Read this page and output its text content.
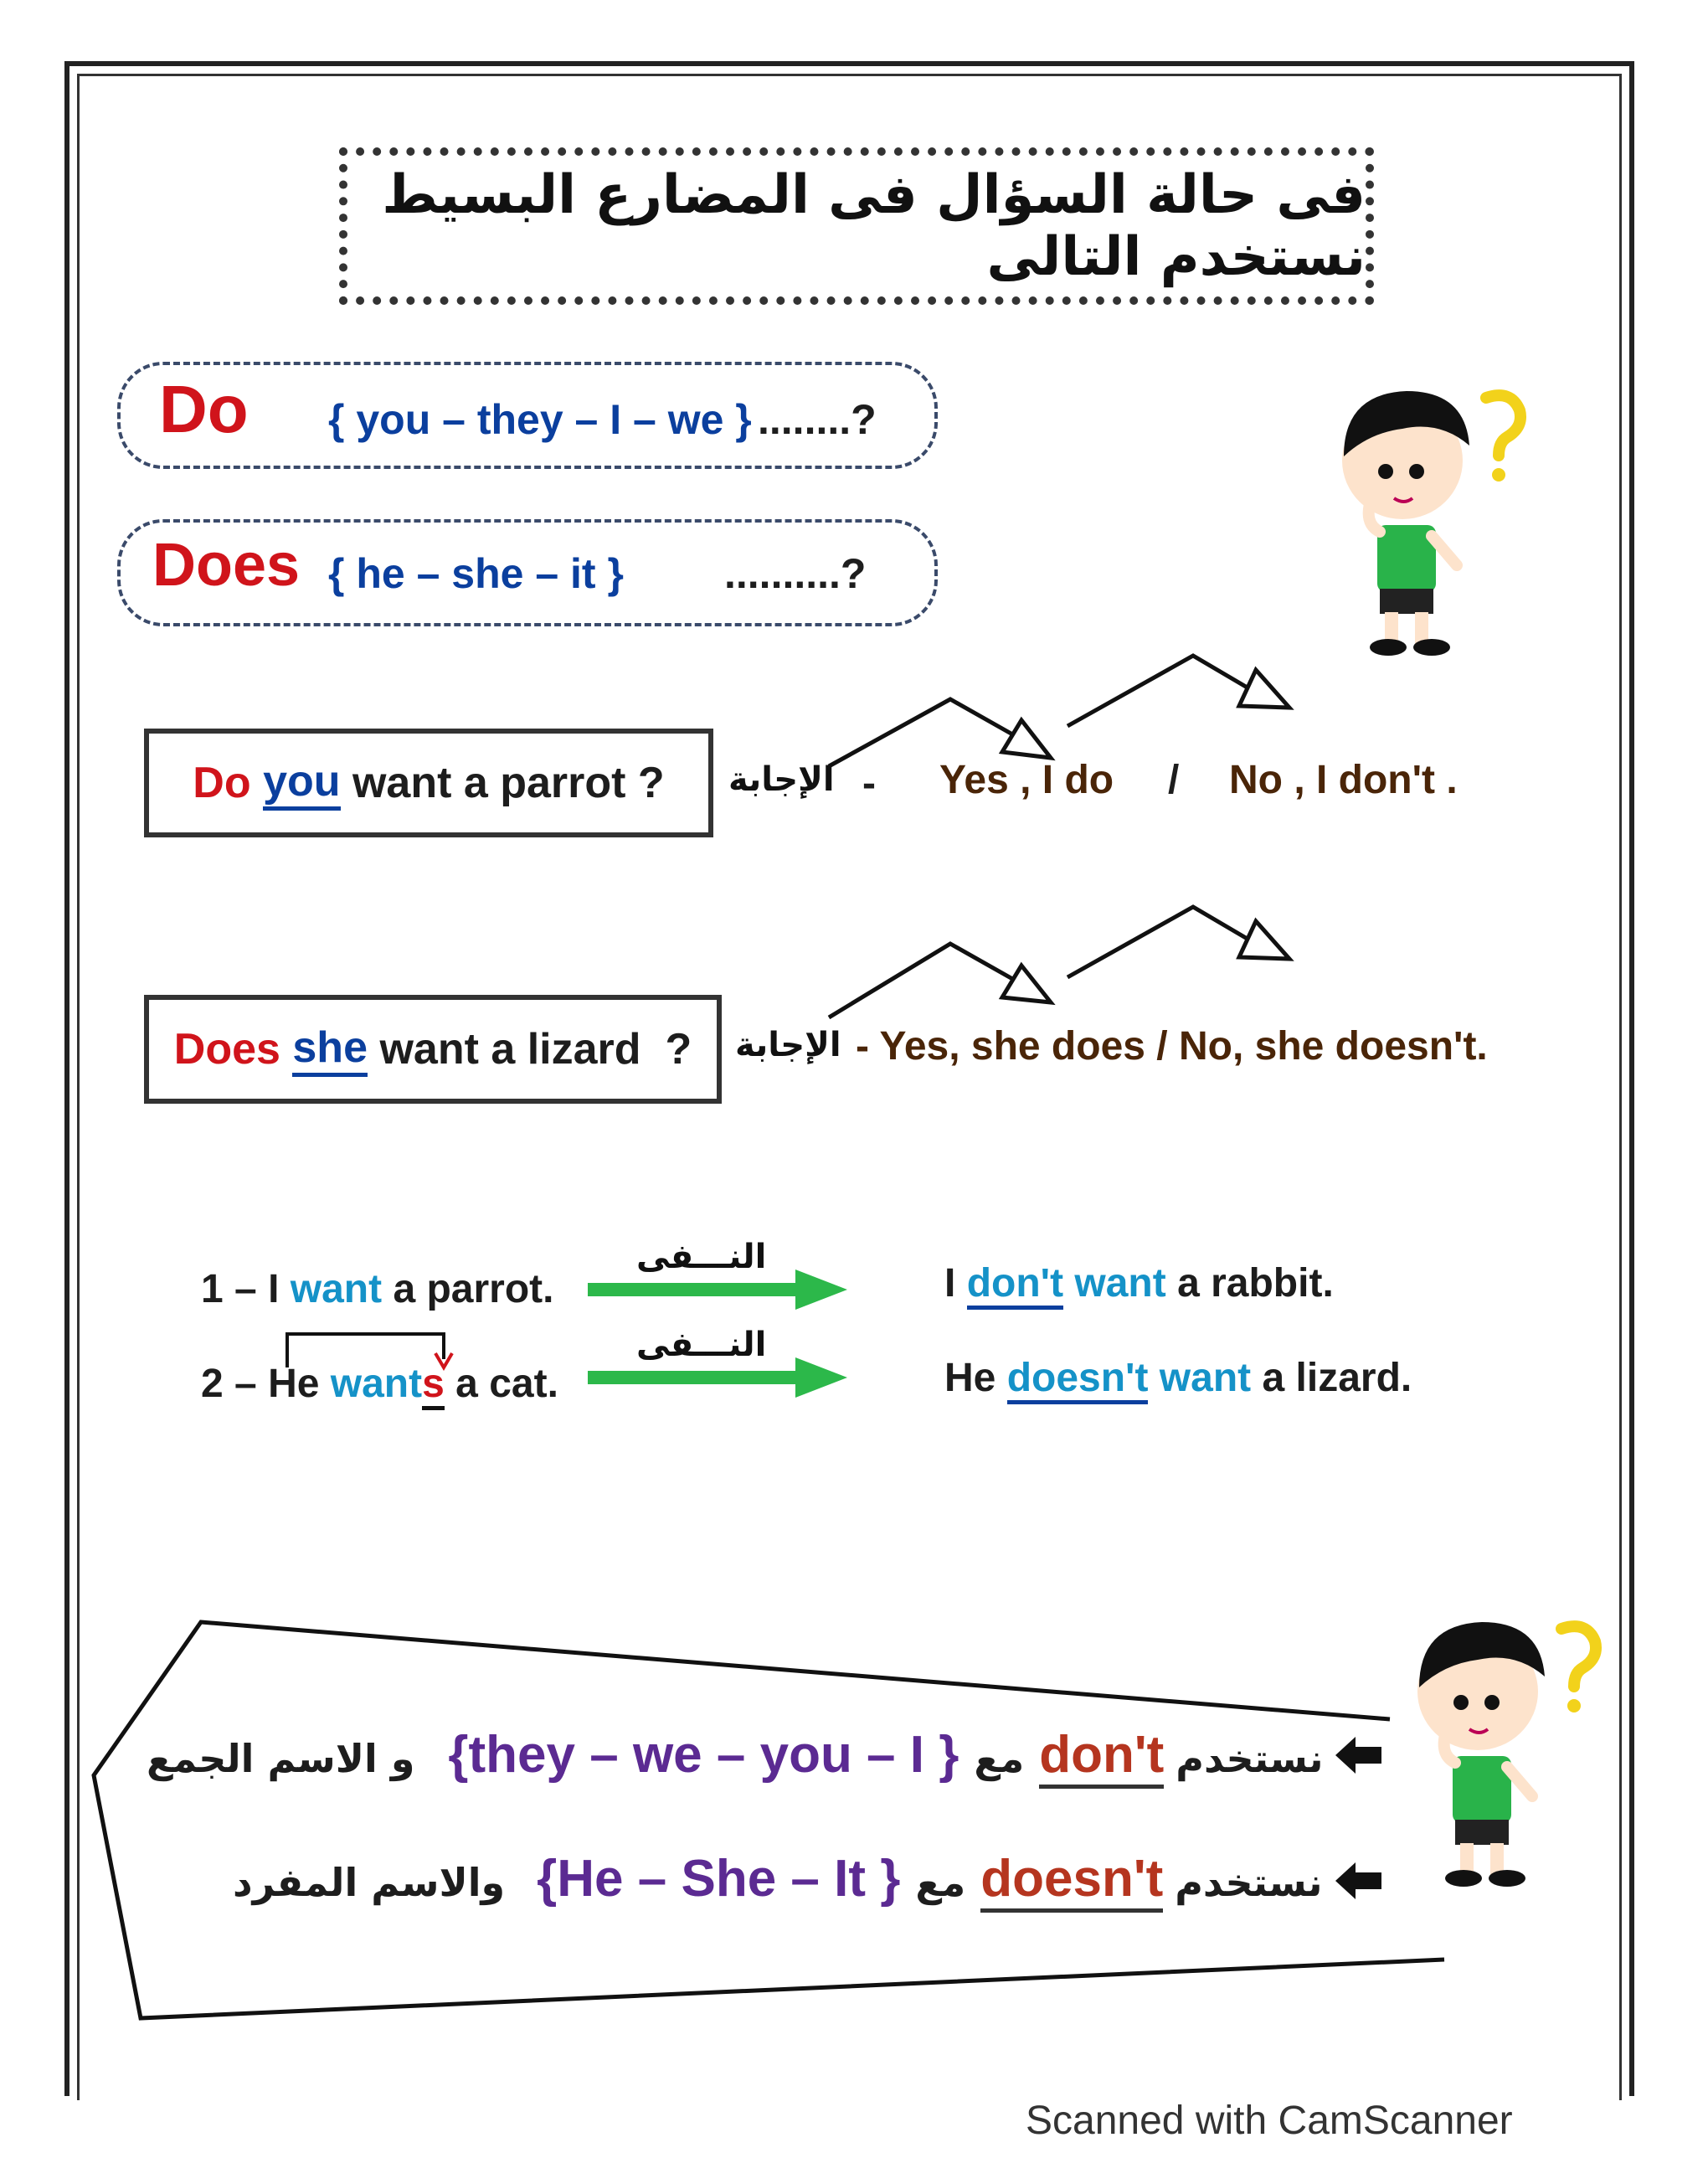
فى حالة السؤال فى المضارع البسيط نستخدم التالى
Do { you – they – I – we } ........?
Does { he – she – it } ..........?
Do
you
want a parrot ? الإجابة - Yes , I do / No , I don't .
Does
she
want a lizard
? الإجابة - Yes, she does / No, she doesn't.
1 – I want a parrot.
النـــفى
I don't want a rabbit.
2 – He wants a cat.
النـــفى
He doesn't want a lizard.
و الاسم الجمع {they – we – you – I } مع don't نستخدم
والاسم المفرد {He – She – It } مع doesn't نستخدم
Scanned with CamScanner
